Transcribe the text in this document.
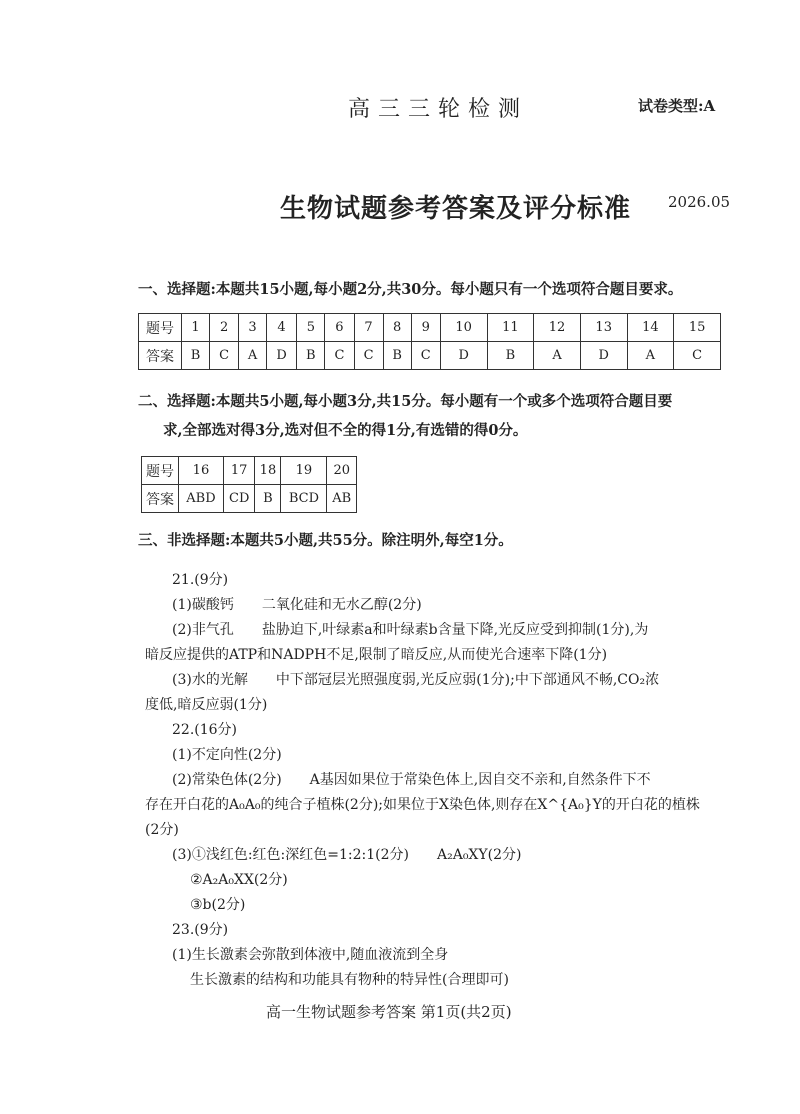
高三三轮检测	试卷类型:A
生物试题参考答案及评分标准 2026.05
一、选择题:本题共15小题,每小题2分,共30分。每小题只有一个选项符合题目要求。
题号	1	2	3	4	5	6	7	8	9	10	11	12	13	14	15
答案	B	C	A	D	B	C	C	B	C	D	B	A	D	A	C
二、选择题:本题共5小题,每小题3分,共15分。每小题有一个或多个选项符合题目要
求,全部选对得3分,选对但不全的得1分,有选错的得0分。
题号	16	17	18	19	20
答案	ABD	CD	B	BCD	AB
三、非选择题:本题共5小题,共55分。除注明外,每空1分。
21.(9分)
(1)碳酸钙　　二氧化硅和无水乙醇(2分)
(2)非气孔　　盐胁迫下,叶绿素a和叶绿素b含量下降,光反应受到抑制(1分),为
暗反应提供的ATP和NADPH不足,限制了暗反应,从而使光合速率下降(1分)
(3)水的光解　　中下部冠层光照强度弱,光反应弱(1分);中下部通风不畅,CO₂浓
度低,暗反应弱(1分)
22.(16分)
(1)不定向性(2分)
(2)常染色体(2分)　　A基因如果位于常染色体上,因自交不亲和,自然条件下不
存在开白花的A₀A₀的纯合子植株(2分);如果位于X染色体,则存在X^{A₀}Y的开白花的植株
(2分)
(3)①浅红色:红色:深红色=1:2:1(2分)　　A₂A₀XY(2分)
②A₂A₀XX(2分)
③b(2分)
23.(9分)
(1)生长激素会弥散到体液中,随血液流到全身
生长激素的结构和功能具有物种的特异性(合理即可)
高一生物试题参考答案 第1页(共2页)
